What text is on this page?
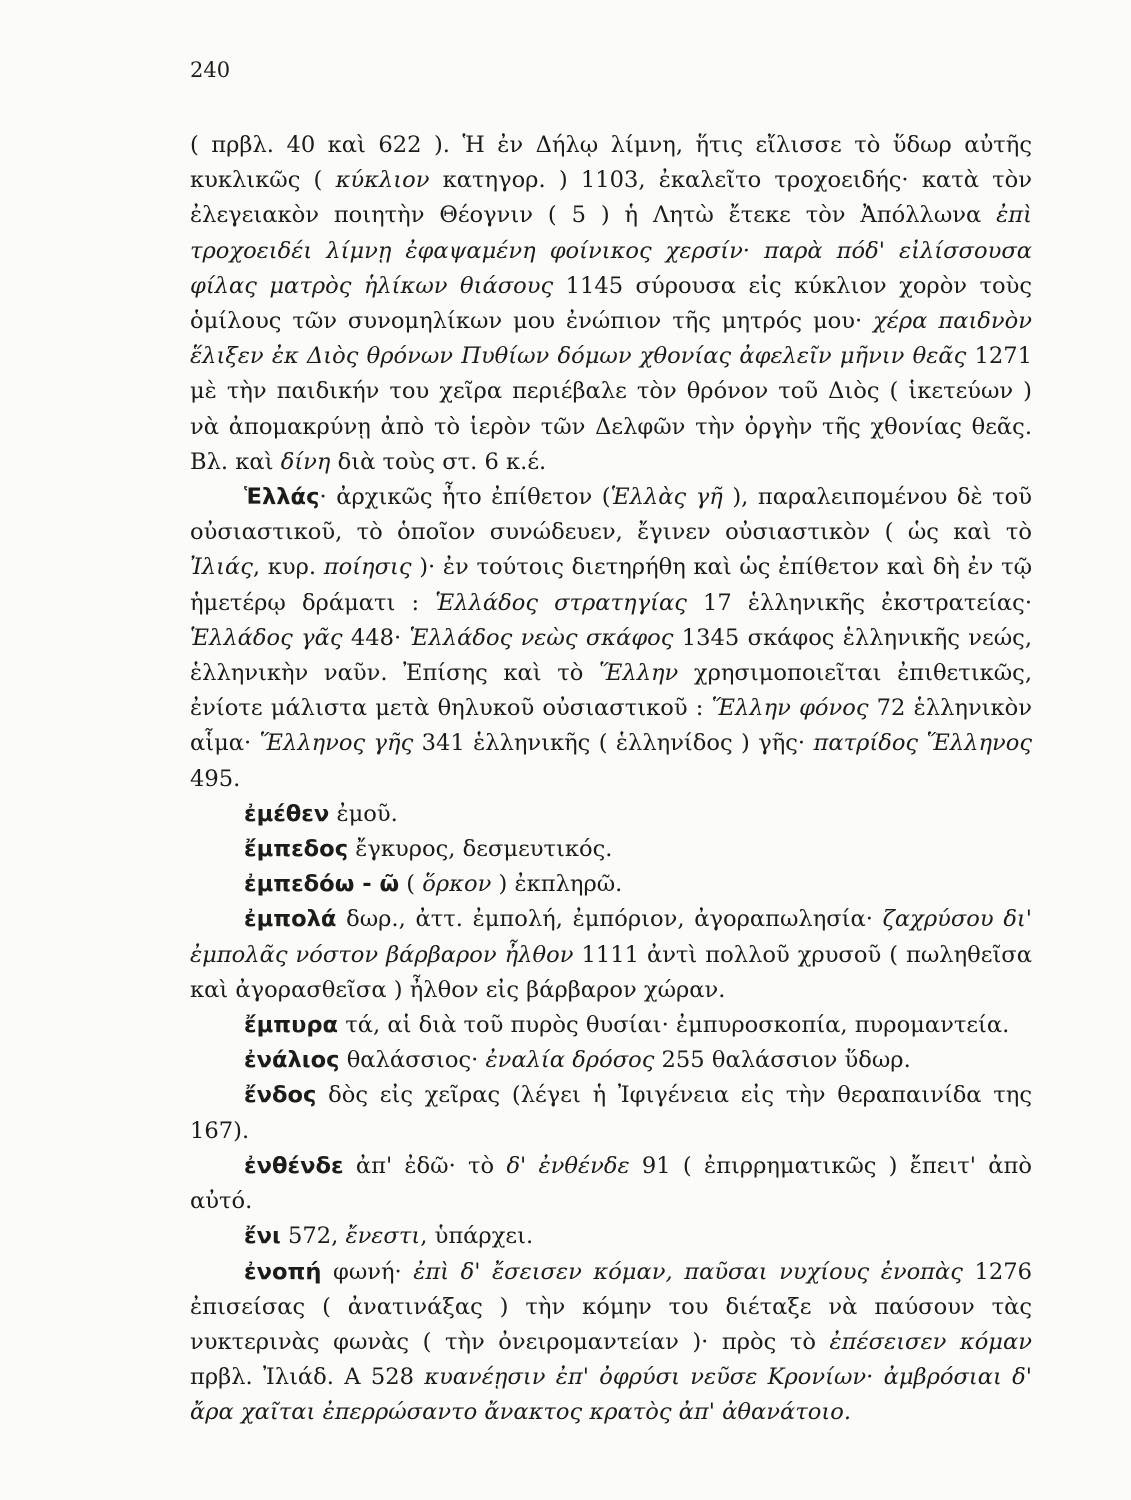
240

( πρβλ. 40 καὶ 622 ). Ἡ ἐν Δήλῳ λίμνη, ἥτις εἴλισσε τὸ ὕδωρ αὐτῆς κυκλικῶς ( κύκλιον κατηγορ. ) 1103, ἐκαλεῖτο τροχοειδής· κατὰ τὸν ἐλεγειακὸν ποιητὴν Θέογνιν ( 5 ) ἡ Λητὼ ἔτεκε τὸν Ἀπόλλωνα ἐπὶ τροχοειδέι λίμνῃ ἐφαψαμένη φοίνικος χερσίν· παρὰ πόδ' εἰλίσσουσα φίλας ματρὸς ἡλίκων θιάσους 1145 σύρουσα εἰς κύκλιον χορὸν τοὺς ὁμίλους τῶν συνομηλίκων μου ἐνώπιον τῆς μητρός μου· χέρα παιδνὸν ἕλιξεν ἐκ Διὸς θρόνων Πυθίων δόμων χθονίας ἀφελεῖν μῆνιν θεᾶς 1271 μὲ τὴν παιδικήν του χεῖρα περιέβαλε τὸν θρόνον τοῦ Διὸς ( ἱκετεύων ) νὰ ἀπομακρύνῃ ἀπὸ τὸ ἱερὸν τῶν Δελφῶν τὴν ὀργὴν τῆς χθονίας θεᾶς. Βλ. καὶ δίνη διὰ τοὺς στ. 6 κ.έ.

Ἑλλάς· ἀρχικῶς ἦτο ἐπίθετον (Ἑλλὰς γῆ ), παραλειπομένου δὲ τοῦ οὐσιαστικοῦ, τὸ ὁποῖον συνώδευεν, ἔγινεν οὐσιαστικὸν ( ὡς καὶ τὸ Ἰλιάς, κυρ. ποίησις )· ἐν τούτοις διετηρήθη καὶ ὡς ἐπίθετον καὶ δὴ ἐν τῷ ἡμετέρῳ δράματι : Ἑλλάδος στρατηγίας 17 ἑλληνικῆς ἐκστρατείας· Ἑλλάδος γᾶς 448· Ἑλλάδος νεὼς σκάφος 1345 σκάφος ἑλληνικῆς νεώς, ἑλληνικὴν ναῦν. Ἐπίσης καὶ τὸ Ἕλλην χρησιμοποιεῖται ἐπιθετικῶς, ἐνίοτε μάλιστα μετὰ θηλυκοῦ οὐσιαστικοῦ : Ἕλλην φόνος 72 ἑλληνικὸν αἷμα· Ἕλληνος γῆς 341 ἑλληνικῆς ( ἑλληνίδος ) γῆς· πατρίδος Ἕλληνος 495.

ἐμέθεν ἐμοῦ.

ἔμπεδος ἔγκυρος, δεσμευτικός.

ἐμπεδόω - ῶ ( ὅρκον ) ἐκπληρῶ.

ἐμπολά δωρ., ἀττ. ἐμπολή, ἐμπόριον, ἀγοραπωλησία· ζαχρύσου δι' ἐμπολᾶς νόστον βάρβαρον ἦλθον 1111 ἀντὶ πολλοῦ χρυσοῦ ( πωληθεῖσα καὶ ἀγορασθεῖσα ) ἦλθον εἰς βάρβαρον χώραν.

ἔμπυρα τά, αἱ διὰ τοῦ πυρὸς θυσίαι· ἐμπυροσκοπία, πυρομαντεία.

ἐνάλιος θαλάσσιος· ἐναλία δρόσος 255 θαλάσσιον ὕδωρ.

ἔνδος δὸς εἰς χεῖρας (λέγει ἡ Ἰφιγένεια εἰς τὴν θεραπαινίδα της 167).

ἐνθένδε ἀπ' ἐδῶ· τὸ δ' ἐνθένδε 91 ( ἐπιρρηματικῶς ) ἔπειτ' ἀπὸ αὐτό.

ἔνι 572, ἔνεστι, ὑπάρχει.

ἐνοπή φωνή· ἐπὶ δ' ἔσεισεν κόμαν, παῦσαι νυχίους ἐνοπὰς 1276 ἐπισείσας ( ἀνατινάξας ) τὴν κόμην του διέταξε νὰ παύσουν τὰς νυκτερινὰς φωνὰς ( τὴν ὀνειρομαντείαν )· πρὸς τὸ ἐπέσεισεν κόμαν πρβλ. Ἰλιάδ. Α 528 κυανέῃσιν ἐπ' ὀφρύσι νεῦσε Κρονίων· ἀμβρόσιαι δ' ἄρα χαῖται ἐπερρώσαντο ἄνακτος κρατὸς ἀπ' ἀθανάτοιο.
